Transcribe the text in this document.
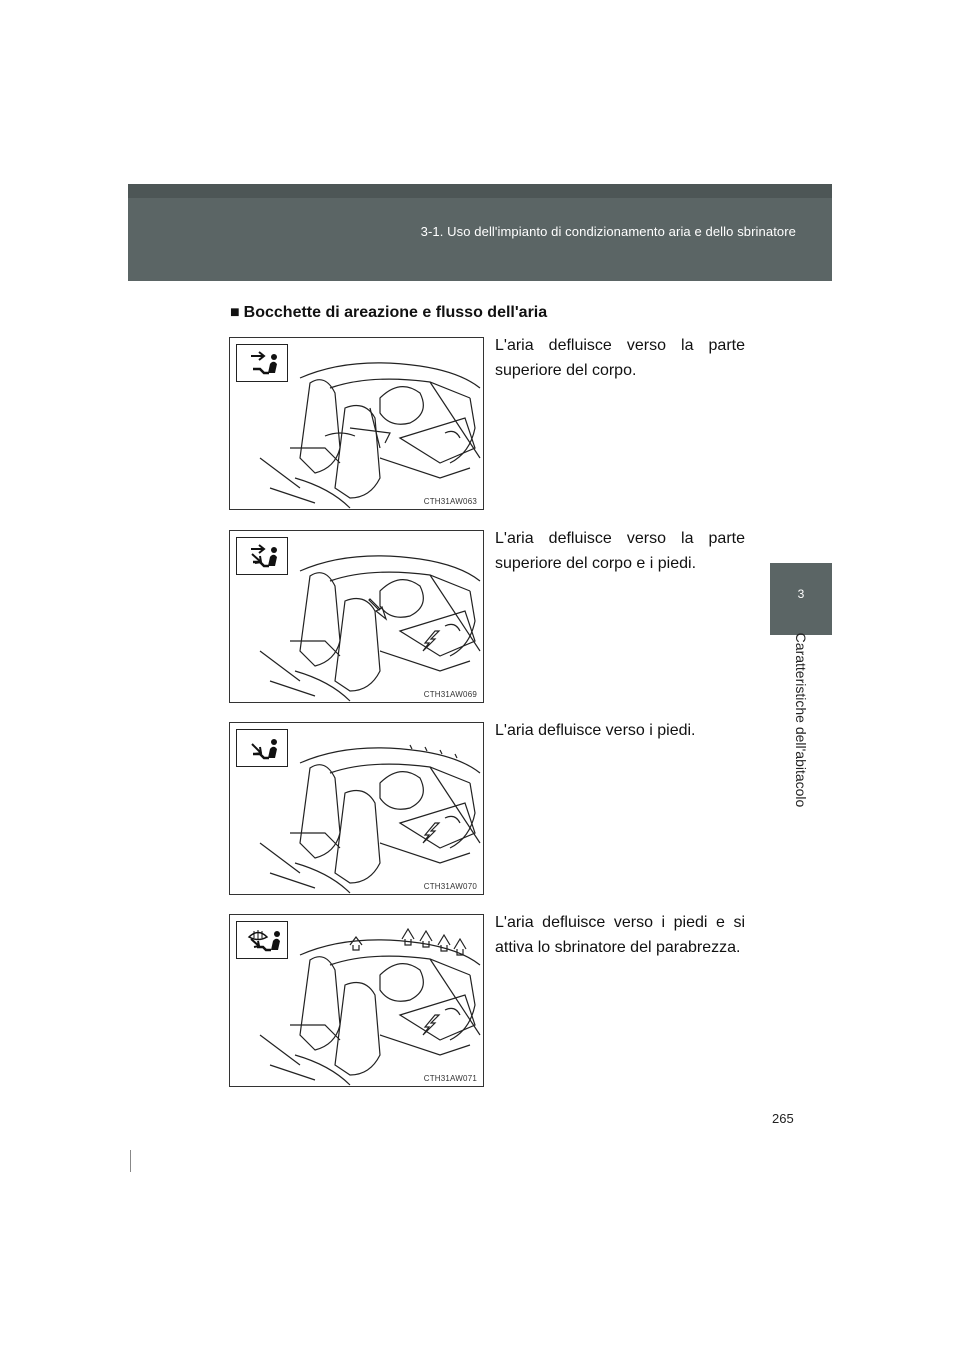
3-1. Uso dell'impianto di condizionamento aria e dello sbrinatore
3
Caratteristiche dell'abitacolo
■ Bocchette di areazione e flusso dell'aria
CTH31AW063
L'aria defluisce verso la parte superiore del corpo.
CTH31AW069
L'aria defluisce verso la parte superiore del corpo e i piedi.
CTH31AW070
L'aria defluisce verso i piedi.
CTH31AW071
L'aria defluisce verso i piedi e si attiva lo sbrinatore del parabrezza.
265
